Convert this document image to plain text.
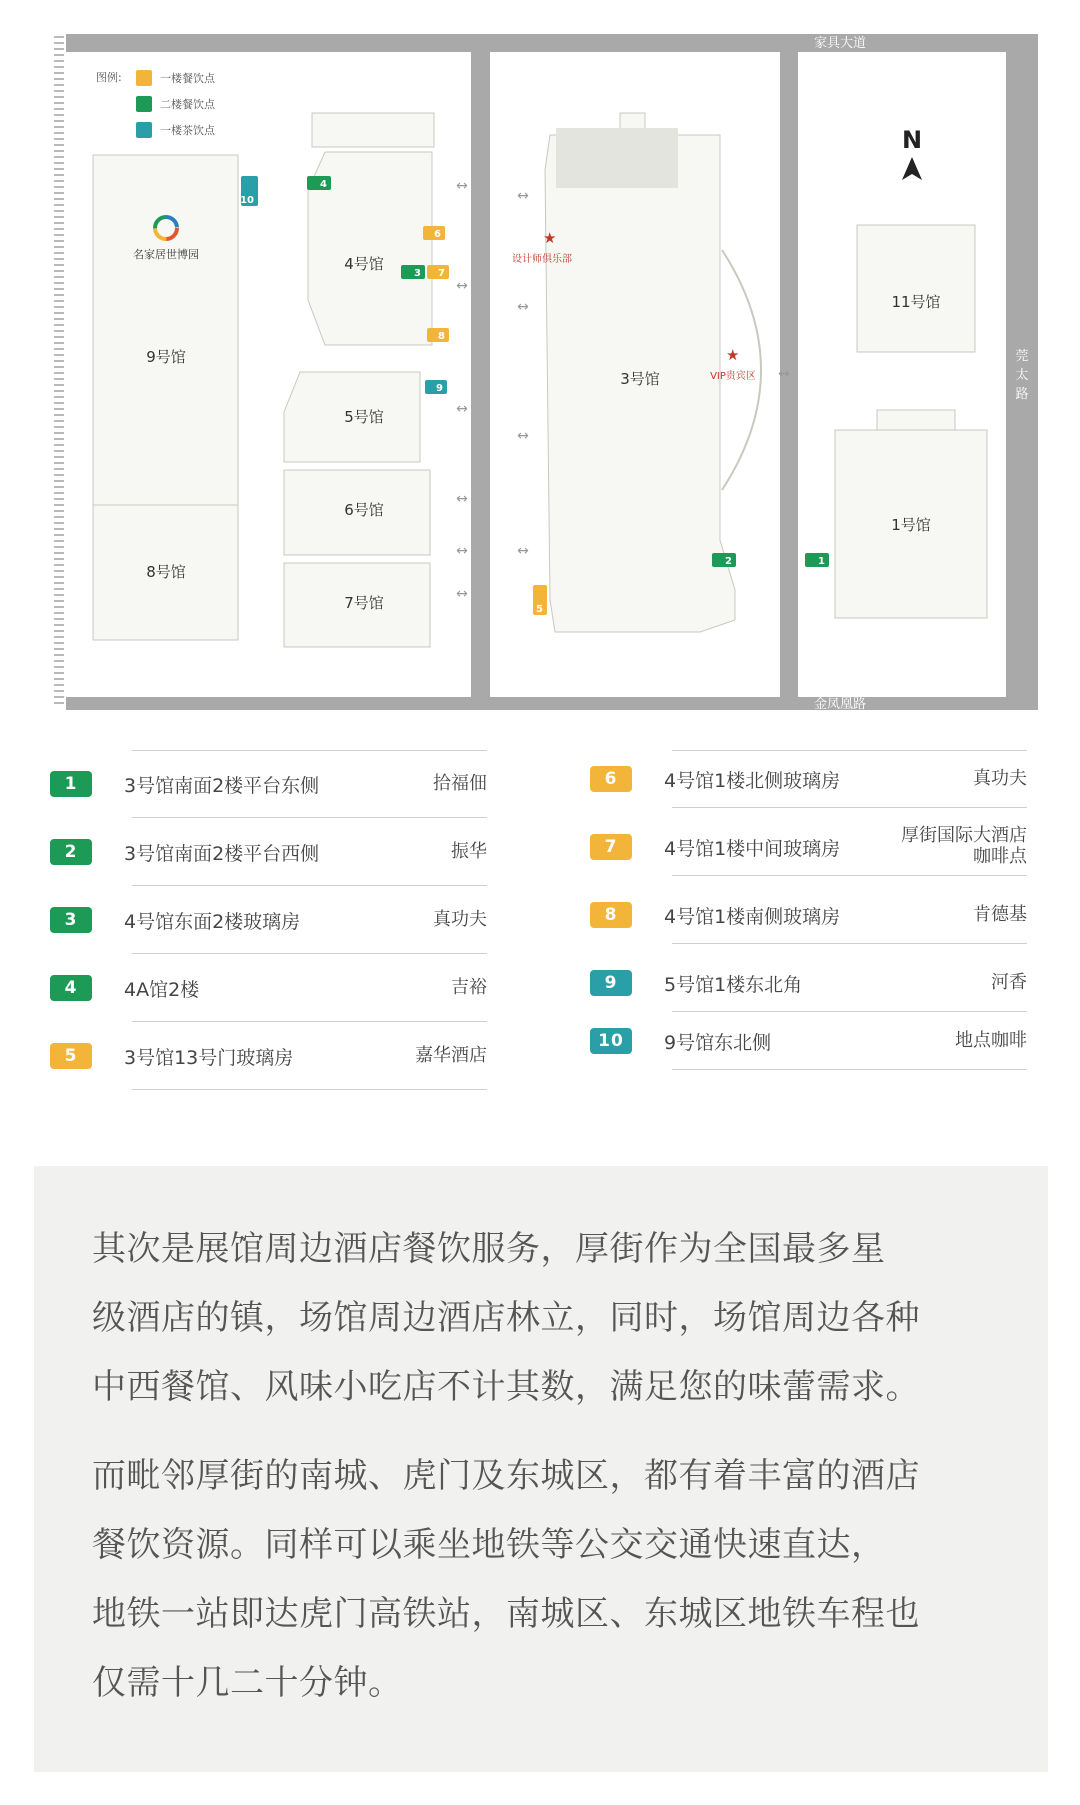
家具大道
莞
太
路
金凤凰路
图例:	一楼餐饮点
二楼餐饮点
一楼茶饮点
名家居世博园
9号馆
8号馆
4号馆
5号馆
6号馆
7号馆
3号馆
★
设计师俱乐部
★
VIP贵宾区
11号馆
1号馆
N
↔
↔
↔
↔
↔
↔
↔
↔
↔
↔
↔
10
4
6
3 7
8
9
5
2	1
1	3号馆南面2楼平台东侧	拾福佃
2	3号馆南面2楼平台西侧	振华
3	4号馆东面2楼玻璃房	真功夫
4	4A馆2楼	吉裕
5	3号馆13号门玻璃房	嘉华酒店
6	4号馆1楼北侧玻璃房	真功夫
7	4号馆1楼中间玻璃房
厚街国际大酒店
咖啡点
8	4号馆1楼南侧玻璃房	肯德基
9	5号馆1楼东北角	河香
10	9号馆东北侧	地点咖啡

其次是展馆周边酒店餐饮服务，厚街作为全国最多星
级酒店的镇，场馆周边酒店林立，同时，场馆周边各种
中西餐馆、风味小吃店不计其数，满足您的味蕾需求。

而毗邻厚街的南城、虎门及东城区，都有着丰富的酒店
餐饮资源。同样可以乘坐地铁等公交交通快速直达，
地铁一站即达虎门高铁站，南城区、东城区地铁车程也
仅需十几二十分钟。
